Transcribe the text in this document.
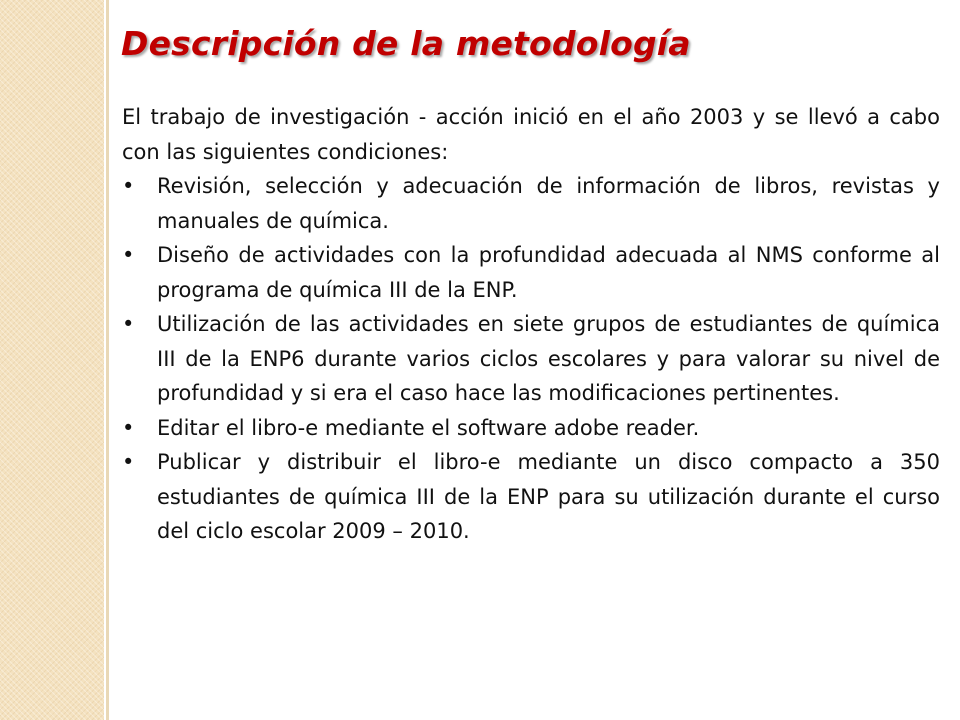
Descripción de la metodología

El trabajo de investigación - acción inició en el año 2003 y se llevó a cabo con las siguientes condiciones:

• Revisión, selección y adecuación de información de libros, revistas y manuales de química.
• Diseño de actividades con la profundidad adecuada al NMS conforme al programa de química III de la ENP.
• Utilización de las actividades en siete grupos de estudiantes de química III de la ENP6 durante varios ciclos escolares y para valorar su nivel de profundidad y si era el caso hace las modificaciones pertinentes.
• Editar el libro-e mediante el software adobe reader.
• Publicar y distribuir el libro-e mediante un disco compacto a 350 estudiantes de química III de la ENP para su utilización durante el curso del ciclo escolar 2009 – 2010.
